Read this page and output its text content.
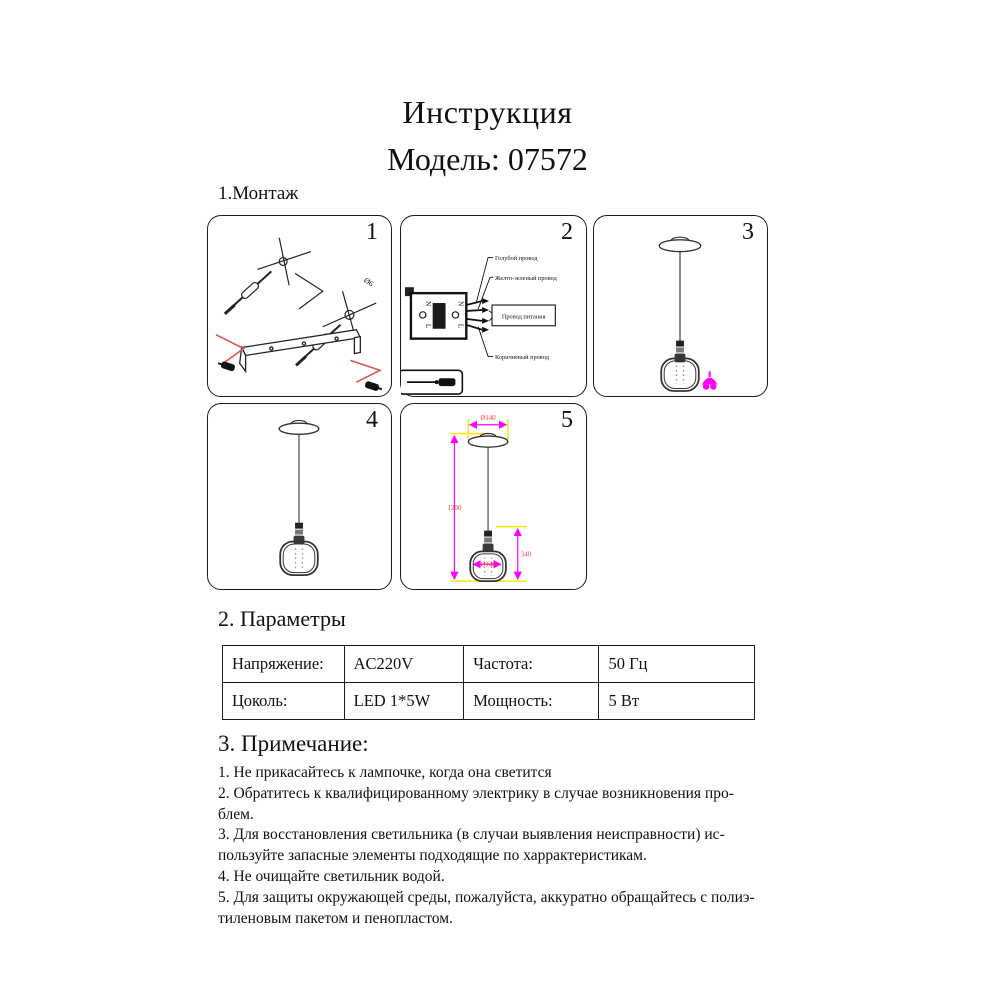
Инструкция
Модель: 07572
1.Монтаж
Ø6
1
N
L
N
L
Голубой провод
Желто-зеленый провод
Провод питания
Коричневый провод
2	3
4	Ø140
1200
340
Ø140
5
2. Параметры
Напряжение:	AC220V	Частота:	50 Гц
Цоколь:	LED 1*5W	Мощность:	5 Вт
3. Примечание:
1. Не прикасайтесь к лампочке, когда она светится
2. Обратитесь к квалифицированному электрику в случае возникновения про-
блем.
3. Для восстановления светильника (в случаи выявления неисправности) ис-
пользуйте запасные элементы подходящие по харрактеристикам.
4. Не очищайте светильник водой.
5. Для защиты окружающей среды, пожалуйста, аккуратно обращайтесь с полиэ-
тиленовым пакетом и пенопластом.
